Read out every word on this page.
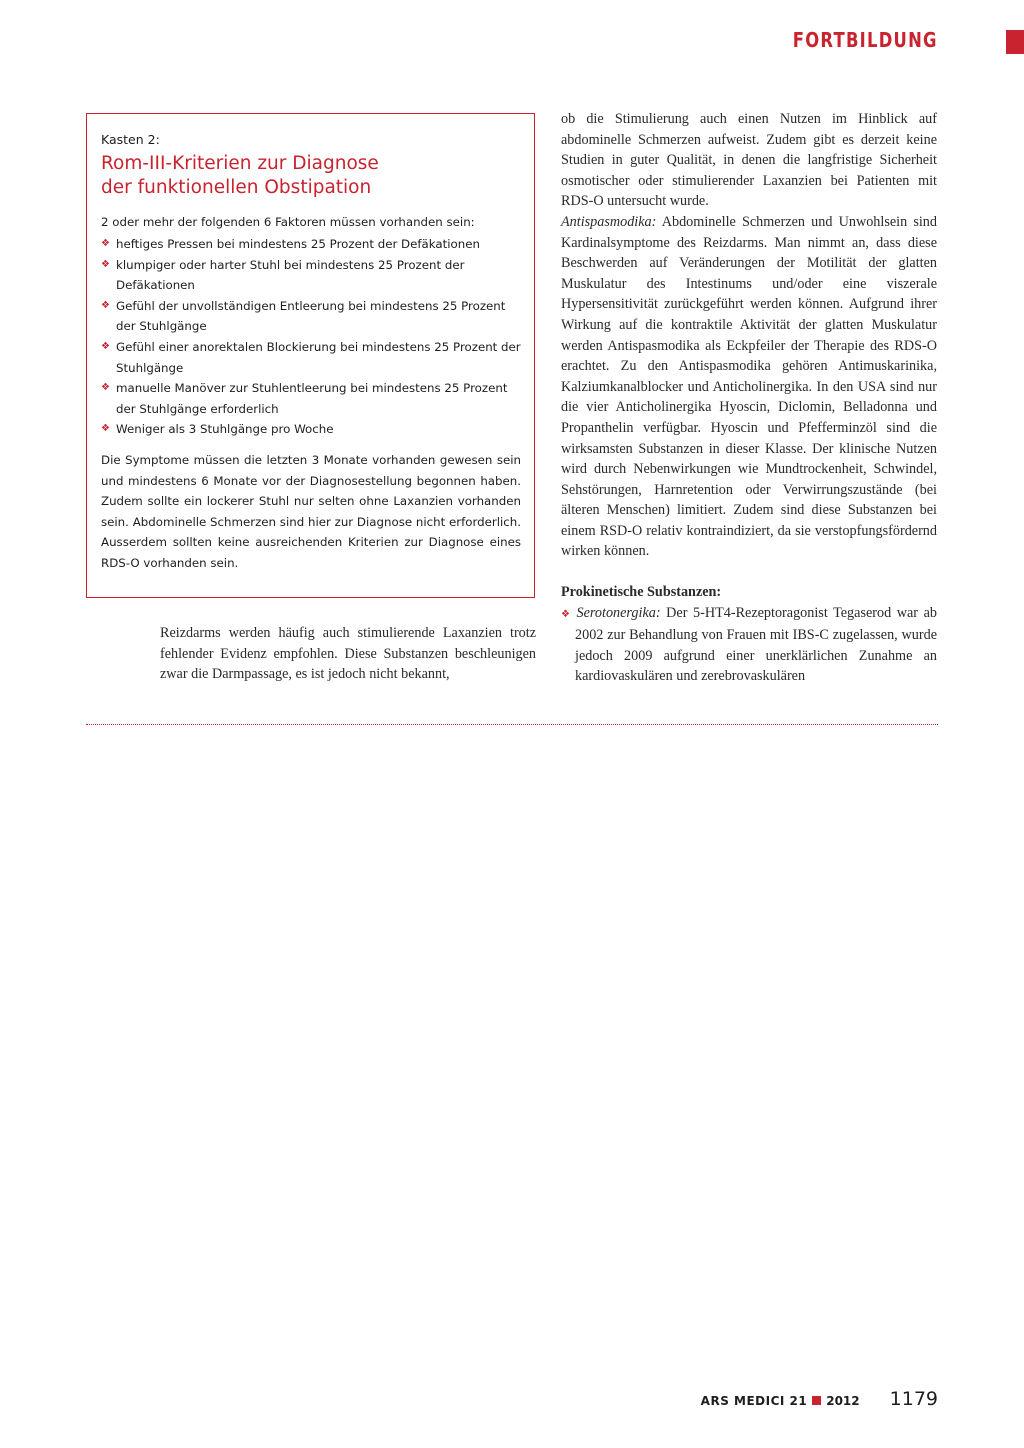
FORTBILDUNG
Kasten 2:
Rom-III-Kriterien zur Diagnose
der funktionellen Obstipation
2 oder mehr der folgenden 6 Faktoren müssen vorhanden sein:
❖ heftiges Pressen bei mindestens 25 Prozent der Defäkationen
❖ klumpiger oder harter Stuhl bei mindestens 25 Prozent der Defäkationen
❖ Gefühl der unvollständigen Entleerung bei mindestens 25 Prozent der Stuhlgänge
❖ Gefühl einer anorektalen Blockierung bei mindestens 25 Prozent der Stuhlgänge
❖ manuelle Manöver zur Stuhlentleerung bei mindestens 25 Prozent der Stuhlgänge erforderlich
❖ Weniger als 3 Stuhlgänge pro Woche
Die Symptome müssen die letzten 3 Monate vorhanden gewesen sein und mindestens 6 Monate vor der Diagnosestellung begonnen haben. Zudem sollte ein lockerer Stuhl nur selten ohne Laxanzien vorhanden sein. Abdominelle Schmerzen sind hier zur Diagnose nicht erforderlich. Ausserdem sollten keine ausreichenden Kriterien zur Diagnose eines RDS-O vorhanden sein.

Reizdarms werden häufig auch stimulierende Laxanzien trotz fehlender Evidenz empfohlen. Diese Substanzen beschleunigen zwar die Darmpassage, es ist jedoch nicht bekannt,

ob die Stimulierung auch einen Nutzen im Hinblick auf abdominelle Schmerzen aufweist. Zudem gibt es derzeit keine Studien in guter Qualität, in denen die langfristige Sicherheit osmotischer oder stimulierender Laxanzien bei Patienten mit RDS-O untersucht wurde.

Antispasmodika: Abdominelle Schmerzen und Unwohlsein sind Kardinalsymptome des Reizdarms. Man nimmt an, dass diese Beschwerden auf Veränderungen der Motilität der glatten Muskulatur des Intestinums und/oder eine viszerale Hypersensitivität zurückgeführt werden können. Aufgrund ihrer Wirkung auf die kontraktile Aktivität der glatten Muskulatur werden Antispasmodika als Eckpfeiler der Therapie des RDS-O erachtet. Zu den Antispasmodika gehören Antimuskarinika, Kalziumkanalblocker und Anticholinergika. In den USA sind nur die vier Anticholinergika Hyoscin, Diclomin, Belladonna und Propanthelin verfügbar. Hyoscin und Pfefferminzöl sind die wirksamsten Substanzen in dieser Klasse. Der klinische Nutzen wird durch Nebenwirkungen wie Mundtrockenheit, Schwindel, Sehstörungen, Harnretention oder Verwirrungszustände (bei älteren Menschen) limitiert. Zudem sind diese Substanzen bei einem RSD-O relativ kontraindiziert, da sie verstopfungsfördernd wirken können.

Prokinetische Substanzen:

❖ Serotonergika: Der 5-HT4-Rezeptoragonist Tegaserod war ab 2002 zur Behandlung von Frauen mit IBS-C zugelassen, wurde jedoch 2009 aufgrund einer unerklärlichen Zunahme an kardiovaskulären und zerebrovaskulären

ARS MEDICI 21 2012 1179
